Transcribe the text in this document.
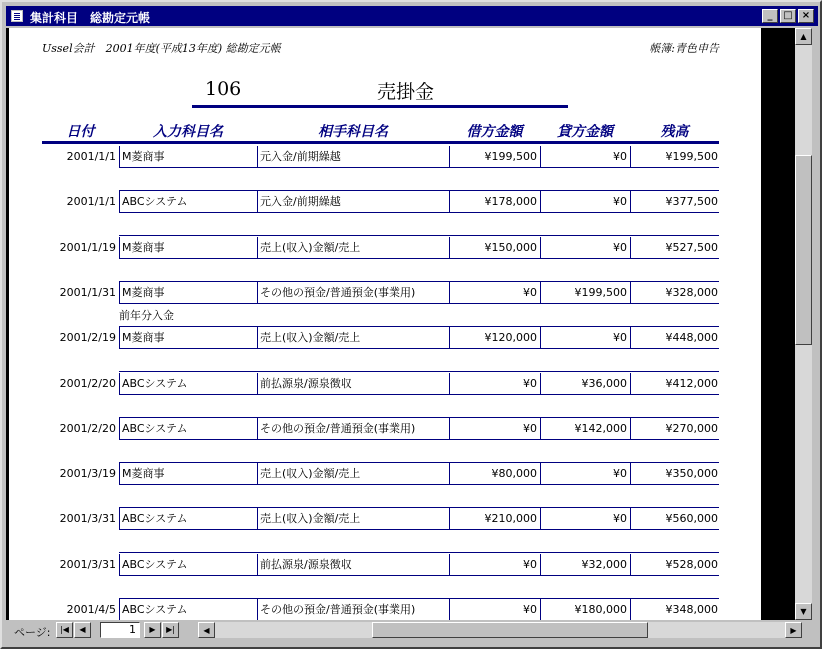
集計科目　総勘定元帳	_	□ ×
Ussel会計　2001年度(平成13年度) 総勘定元帳	帳簿:青色申告
106	売掛金
日付	入力科目名	相手科目名	借方金額	貸方金額	残高
2001/1/1 M菱商事	元入金/前期繰越	¥199,500	¥0	¥199,500
2001/1/1 ABCシステム	元入金/前期繰越	¥178,000	¥0	¥377,500
2001/1/19 M菱商事	売上(収入)金額/売上	¥150,000	¥0	¥527,500
2001/1/31 M菱商事	その他の預金/普通預金(事業用)	¥0	¥199,500	¥328,000
前年分入金
2001/2/19 M菱商事	売上(収入)金額/売上	¥120,000	¥0	¥448,000
2001/2/20 ABCシステム	前払源泉/源泉徴収	¥0	¥36,000	¥412,000
2001/2/20 ABCシステム	その他の預金/普通預金(事業用)	¥0	¥142,000	¥270,000
2001/3/19 M菱商事	売上(収入)金額/売上	¥80,000	¥0	¥350,000
2001/3/31 ABCシステム	売上(収入)金額/売上	¥210,000	¥0	¥560,000
2001/3/31 ABCシステム	前払源泉/源泉徴収	¥0	¥32,000	¥528,000
2001/4/5 ABCシステム	その他の預金/普通預金(事業用)	¥0	¥180,000	¥348,000
▲
▼
ページ:	|◀	◀	1	▶	▶|	◀	▶
